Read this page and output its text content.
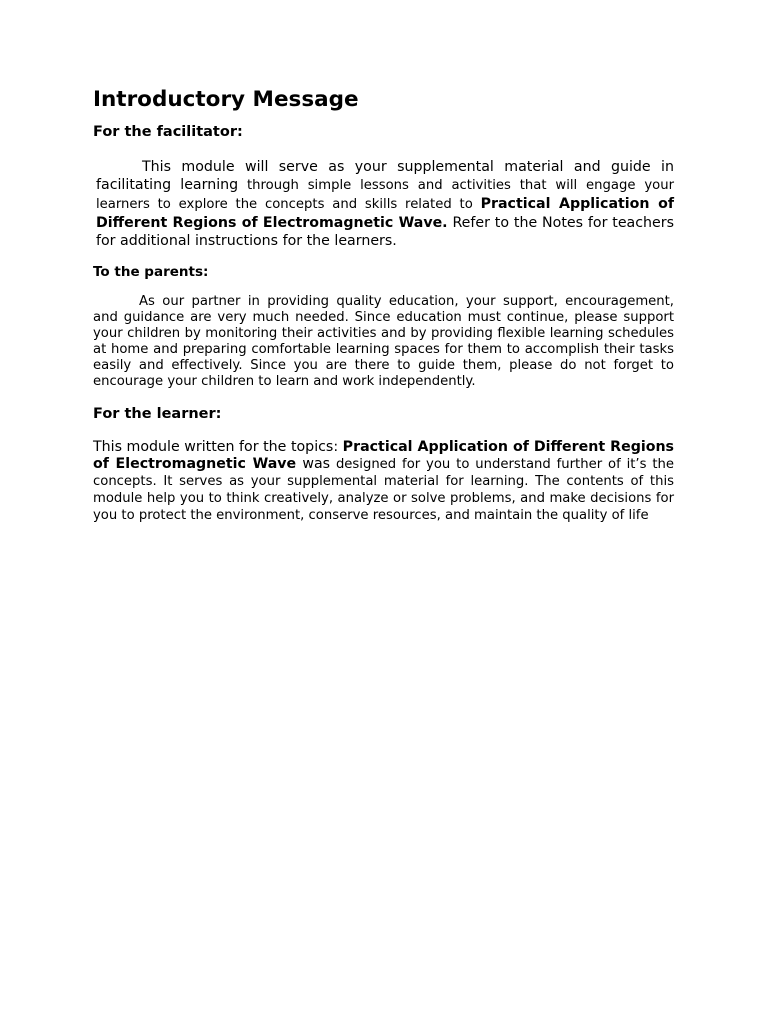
Introductory Message
For the facilitator:

This module will serve as your supplemental material and guide in facilitating learning through simple lessons and activities that will engage your learners to explore the concepts and skills related to Practical Application of Different Regions of Electromagnetic Wave. Refer to the Notes for teachers for additional instructions for the learners.

To the parents:

As our partner in providing quality education, your support, encouragement, and guidance are very much needed. Since education must continue, please support your children by monitoring their activities and by providing flexible learning schedules at home and preparing comfortable learning spaces for them to accomplish their tasks easily and effectively. Since you are there to guide them, please do not forget to encourage your children to learn and work independently.

For the learner:

This module written for the topics: Practical Application of Different Regions of Electromagnetic Wave was designed for you to understand further of it’s the concepts. It serves as your supplemental material for learning. The contents of this module help you to think creatively, analyze or solve problems, and make decisions for you to protect the environment, conserve resources, and maintain the quality of life
